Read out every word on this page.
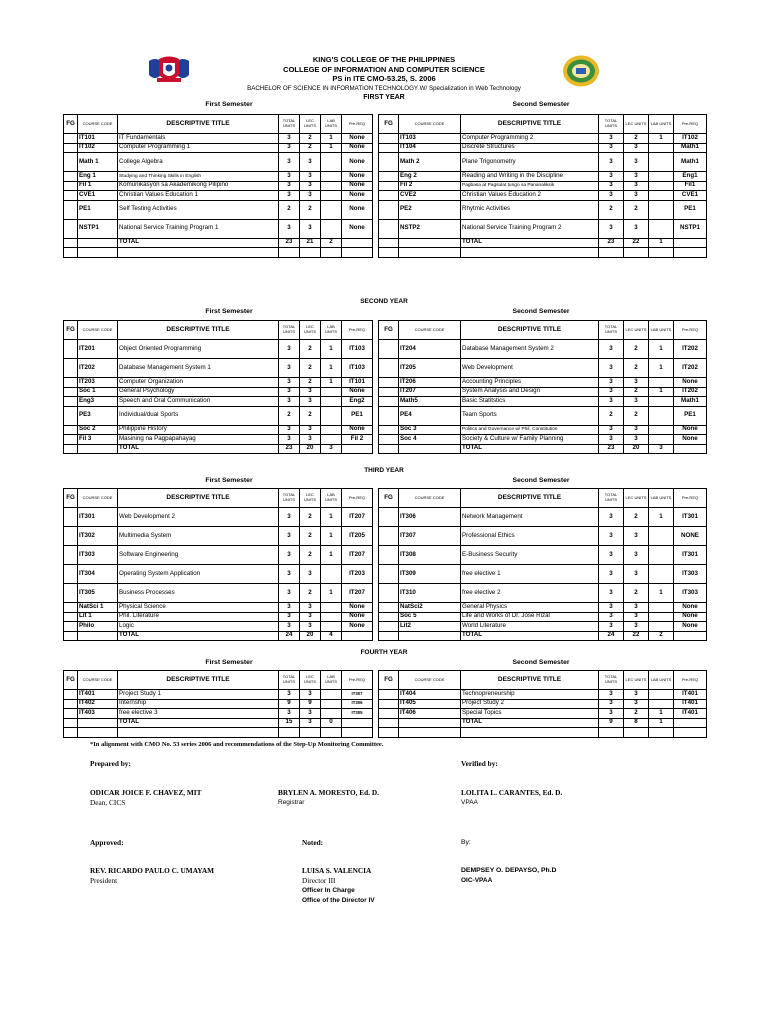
KING'S COLLEGE OF THE PHILIPPINES
COLLEGE OF INFORMATION AND COMPUTER SCIENCE
PS in ITE CMO-53.25, S. 2006
BACHELOR OF SCIENCE IN INFORMATION TECHNOLOGY W/ Specialization in Web Technology
FIRST YEAR
First Semester	Second Semester
SECOND YEAR
First Semester	Second Semester
THIRD YEAR
First Semester	Second Semester
FOURTH YEAR
First Semester	Second Semester
FG	COURSE CODE	DESCRIPTIVE TITLE	TOTAL UNITS	LEC UNITS	LAB UNITS	Pre-REQ
	IT101	IT Fundamentals	3	2	1	None
	IT102	Computer Programming 1	3	2	1	None
	Math 1	College Algebra	3	3		None
	Eng 1	Studying and Thinking Skills in English	3	3		None
	Fil 1	Komunikasyon sa Akademikong Pilipino	3	3		None
	CVE1	Christian Values Education 1	3	3		None
	PE1	Self Testing Activities	2	2		None
	NSTP1	National Service Training Program 1	3	3		None
		TOTAL	23	21	2	

FG	COURSE CODE	DESCRIPTIVE TITLE	TOTAL UNITS	LEC UNITS	LAB UNITS	Pre-REQ
	IT103	Computer Programming 2	3	2	1	IT102
	IT104	Discrete Structures	3	3		Math1
	Math 2	Plane Trigonometry	3	3		Math1
	Eng 2	Reading and Writing in the Discipline	3	3		Eng1
	Fil 2	Pagbasa at Pagsulat tungo sa Pananaliksik	3	3		Fil1
	CVE2	Christian Values Education 2	3	3		CVE1
	PE2	Rhytmic Activities	2	2		PE1
	NSTP2	National Service Training Program 2	3	3		NSTP1
		TOTAL	23	22	1	

FG	COURSE CODE	DESCRIPTIVE TITLE	TOTAL UNITS	LEC UNITS	LAB UNITS	Pre-REQ
	IT201	Object Oriented Programming	3	2	1	IT103
	IT202	Database Management System 1	3	2	1	IT103
	IT203	Computer Organization	3	2	1	IT101
	Soc 1	General Psychology	3	3		None
	Eng3	Speech and Oral Communication	3	3		Eng2
	PE3	Individual/dual Sports	2	2		PE1
	Soc 2	Philippine History	3	3		None
	Fil 3	Masining na Pagpapahayag	3	3		Fil 2
		TOTAL	23	20	3	
FG	COURSE CODE	DESCRIPTIVE TITLE	TOTAL UNITS	LEC UNITS	LAB UNITS	Pre-REQ
	IT204	Database Management System 2	3	2	1	IT202
	IT205	Web Development	3	2	1	IT202
	IT206	Accounting Principles	3	3		None
	IT207	System Analysis and Design	3	2	1	IT202
	Math5	Basic Statitstics	3	3		Math1
	PE4	Team Sports	2	2		PE1
	Soc 3	Politics and Governance w/ Phil. Constitution	3	3		None
	Soc 4	Society & Culture w/ Family Planning	3	3		None
		TOTAL	23	20	3	
FG	COURSE CODE	DESCRIPTIVE TITLE	TOTAL UNITS	LEC UNITS	LAB UNITS	Pre-REQ
	IT301	Web Development 2	3	2	1	IT207
	IT302	Multimedia System	3	2	1	IT205
	IT303	Software Engineering	3	2	1	IT207
	IT304	Operating System Application	3	3		IT203
	IT305	Business Processes	3	2	1	IT207
	NatSci 1	Physical Science	3	3		None
	Lit 1	Phil. Literature	3	3		None
	Philo	Logic	3	3		None
		TOTAL	24	20	4	
FG	COURSE CODE	DESCRIPTIVE TITLE	TOTAL UNITS	LEC UNITS	LAB UNITS	Pre-REQ
	IT306	Network Management	3	2	1	IT301
	IT307	Professional Ethics	3	3		NONE
	IT308	E-Business Security	3	3		IT301
	IT309	free elective 1	3	3		IT303
	IT310	free elective 2	3	2	1	IT303
	NatSci2	General Physics	3	3		None
	Soc 5	Life and Works of Dr. Jose Rizal	3	3		None
	Lit2	World Literature	3	3		None
		TOTAL	24	22	2	
FG	COURSE CODE	DESCRIPTIVE TITLE	TOTAL UNITS	LEC UNITS	LAB UNITS	Pre-REQ
	IT401	Project Study 1	3	3		IT307
	IT402	Internship	9	9		IT306
	IT403	free elective 3	3	3		IT305
		TOTAL	15	3	0	

FG	COURSE CODE	DESCRIPTIVE TITLE	TOTAL UNITS	LEC UNITS	LAB UNITS	Pre-REQ
	IT404	Technopreneurship	3	3		IT401
	IT405	Project Study 2	3	3		IT401
	IT406	Special Topics	3	2	1	IT401
		TOTAL	9	8	1	

*In alignment with CMO No. 53 series 2006 and recommendations of the Step-Up Monitoring Committee.
Prepared by:	Verified by:
ODICAR JOICE F. CHAVEZ, MIT
Dean, CICS
BRYLEN A. MORESTO, Ed. D.
Registrar
LOLITA L. CARANTES, Ed. D.
VPAA
Approved:	Noted:	By:
REV. RICARDO PAULO C. UMAYAM
President
LUISA S. VALENCIA
Director III
Officer In Charge
Office of the Director IV
DEMPSEY O. DEPAYSO, Ph.D
OIC-VPAA
